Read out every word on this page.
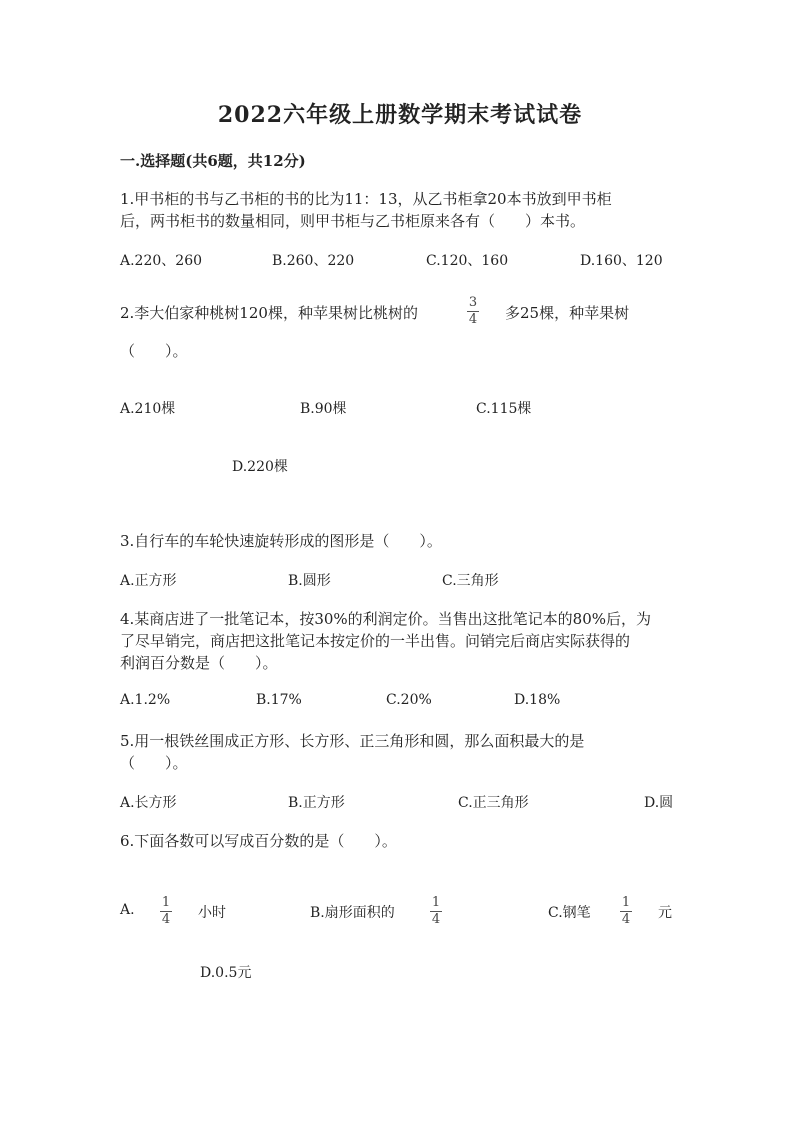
2022六年级上册数学期末考试试卷
一.选择题(共6题，共12分)
1.甲书柜的书与乙书柜的书的比为11：13，从乙书柜拿20本书放到甲书柜
后，两书柜书的数量相同，则甲书柜与乙书柜原来各有（　　）本书。
A.220、260	B.260、220	C.120、160	D.160、120
2.李大伯家种桃树120棵，种苹果树比桃树的
3
4 多25棵，种苹果树
（　　）。
A.210棵	B.90棵	C.115棵
D.220棵
3.自行车的车轮快速旋转形成的图形是（　　）。
A.正方形	B.圆形	C.三角形
4.某商店进了一批笔记本，按30%的利润定价。当售出这批笔记本的80%后，为
了尽早销完，商店把这批笔记本按定价的一半出售。问销完后商店实际获得的
利润百分数是（　　）。
A.1.2%	B.17%	C.20%	D.18%
5.用一根铁丝围成正方形、长方形、正三角形和圆，那么面积最大的是
（　　）。
A.长方形	B.正方形	C.正三角形	D.圆
6.下面各数可以写成百分数的是（　　）。
A. 1
4 小时	B.扇形面积的
1
4	C.钢笔
1
4 元
D.0.5元
